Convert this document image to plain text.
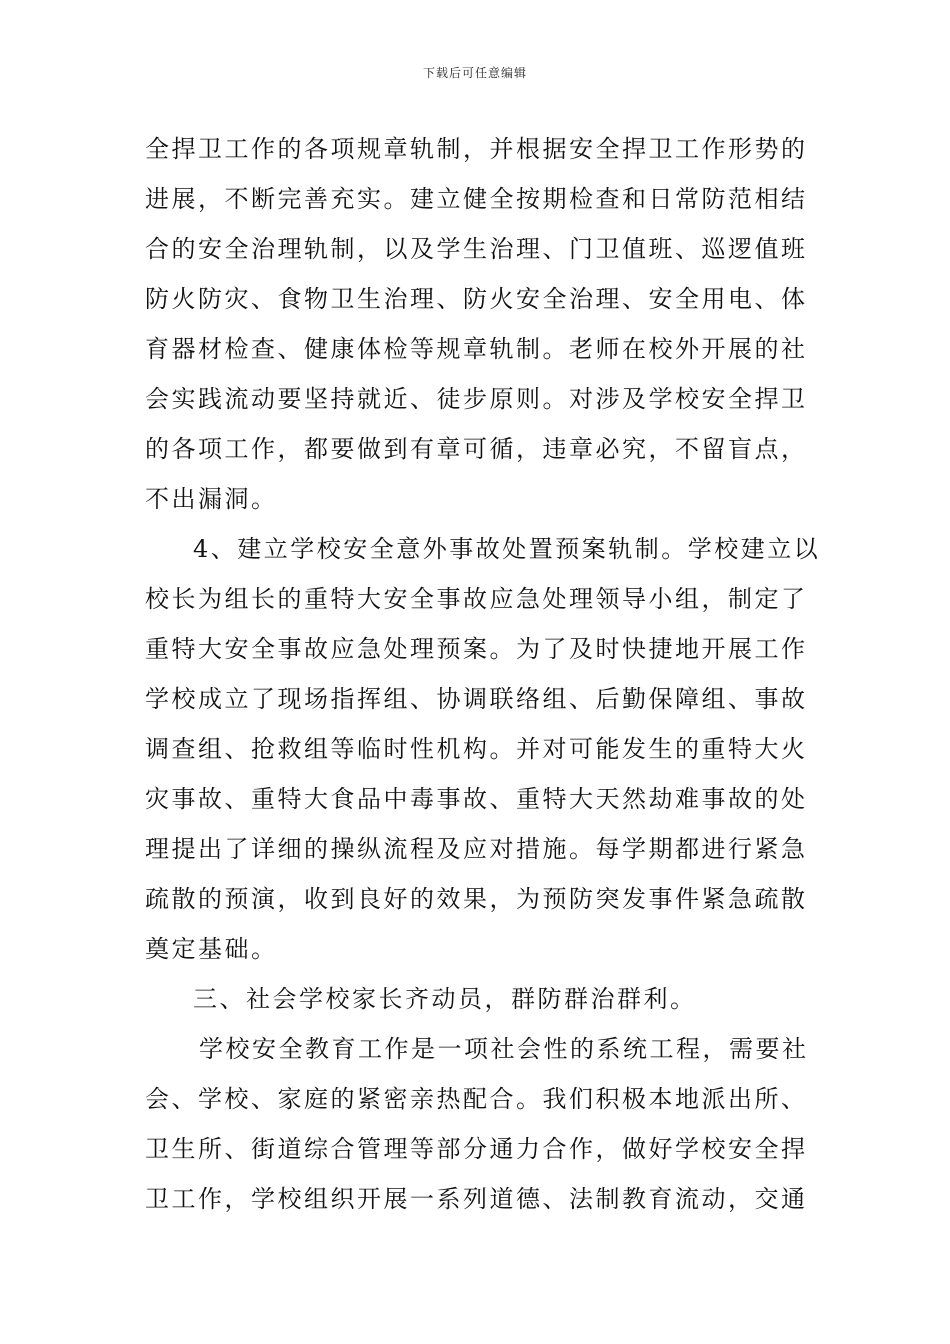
下载后可任意编辑
全捍卫工作的各项规章轨制，并根据安全捍卫工作形势的
进展，不断完善充实。建立健全按期检查和日常防范相结
合的安全治理轨制，以及学生治理、门卫值班、巡逻值班
防火防灾、食物卫生治理、防火安全治理、安全用电、体
育器材检查、健康体检等规章轨制。老师在校外开展的社
会实践流动要坚持就近、徒步原则。对涉及学校安全捍卫
的各项工作，都要做到有章可循，违章必究，不留盲点，
不出漏洞。
4、建立学校安全意外事故处置预案轨制。学校建立以
校长为组长的重特大安全事故应急处理领导小组，制定了
重特大安全事故应急处理预案。为了及时快捷地开展工作
学校成立了现场指挥组、协调联络组、后勤保障组、事故
调查组、抢救组等临时性机构。并对可能发生的重特大火
灾事故、重特大食品中毒事故、重特大天然劫难事故的处
理提出了详细的操纵流程及应对措施。每学期都进行紧急
疏散的预演，收到良好的效果，为预防突发事件紧急疏散
奠定基础。
三、社会学校家长齐动员，群防群治群利。
学校安全教育工作是一项社会性的系统工程，需要社
会、学校、家庭的紧密亲热配合。我们积极本地派出所、
卫生所、街道综合管理等部分通力合作，做好学校安全捍
卫工作，学校组织开展一系列道德、法制教育流动，交通
